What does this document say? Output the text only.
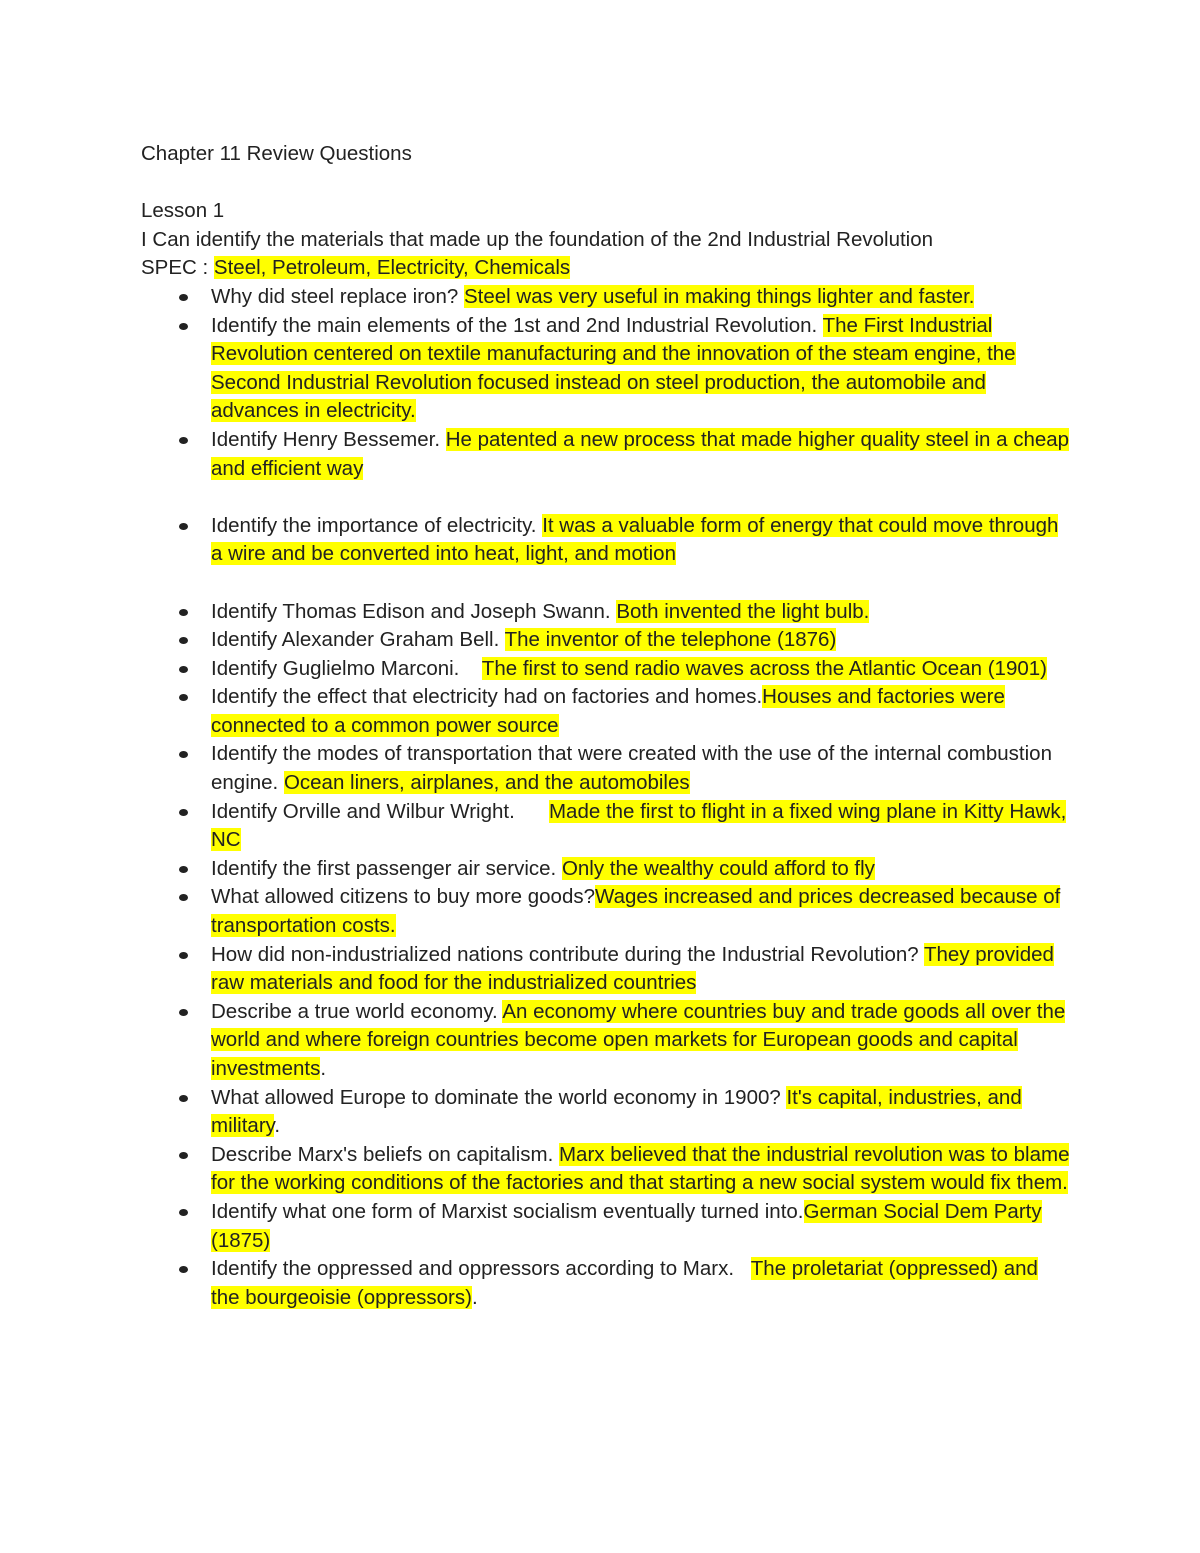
Chapter 11 Review Questions

Lesson 1

I Can identify the materials that made up the foundation of the 2nd Industrial Revolution

SPEC : Steel, Petroleum, Electricity, Chemicals

Why did steel replace iron? Steel was very useful in making things lighter and faster.
Identify the main elements of the 1st and 2nd Industrial Revolution. The First Industrial Revolution centered on textile manufacturing and the innovation of the steam engine, the Second Industrial Revolution focused instead on steel production, the automobile and advances in electricity.
Identify Henry Bessemer. He patented a new process that made higher quality steel in a cheap and efficient way
Identify the importance of electricity. It was a valuable form of energy that could move through a wire and be converted into heat, light, and motion
Identify Thomas Edison and Joseph Swann. Both invented the light bulb.
Identify Alexander Graham Bell. The inventor of the telephone (1876)
Identify Guglielmo Marconi.    The first to send radio waves across the Atlantic Ocean (1901)
Identify the effect that electricity had on factories and homes.Houses and factories were connected to a common power source
Identify the modes of transportation that were created with the use of the internal combustion engine. Ocean liners, airplanes, and the automobiles
Identify Orville and Wilbur Wright.      Made the first to flight in a fixed wing plane in Kitty Hawk, NC
Identify the first passenger air service. Only the wealthy could afford to fly
What allowed citizens to buy more goods?Wages increased and prices decreased because of transportation costs.
How did non-industrialized nations contribute during the Industrial Revolution? They provided raw materials and food for the industrialized countries
Describe a true world economy. An economy where countries buy and trade goods all over the world and where foreign countries become open markets for European goods and capital investments.
What allowed Europe to dominate the world economy in 1900? It's capital, industries, and military.
Describe Marx's beliefs on capitalism. Marx believed that the industrial revolution was to blame for the working conditions of the factories and that starting a new social system would fix them.
Identify what one form of Marxist socialism eventually turned into.German Social Dem Party (1875)
Identify the oppressed and oppressors according to Marx.   The proletariat (oppressed) and the bourgeoisie (oppressors).
